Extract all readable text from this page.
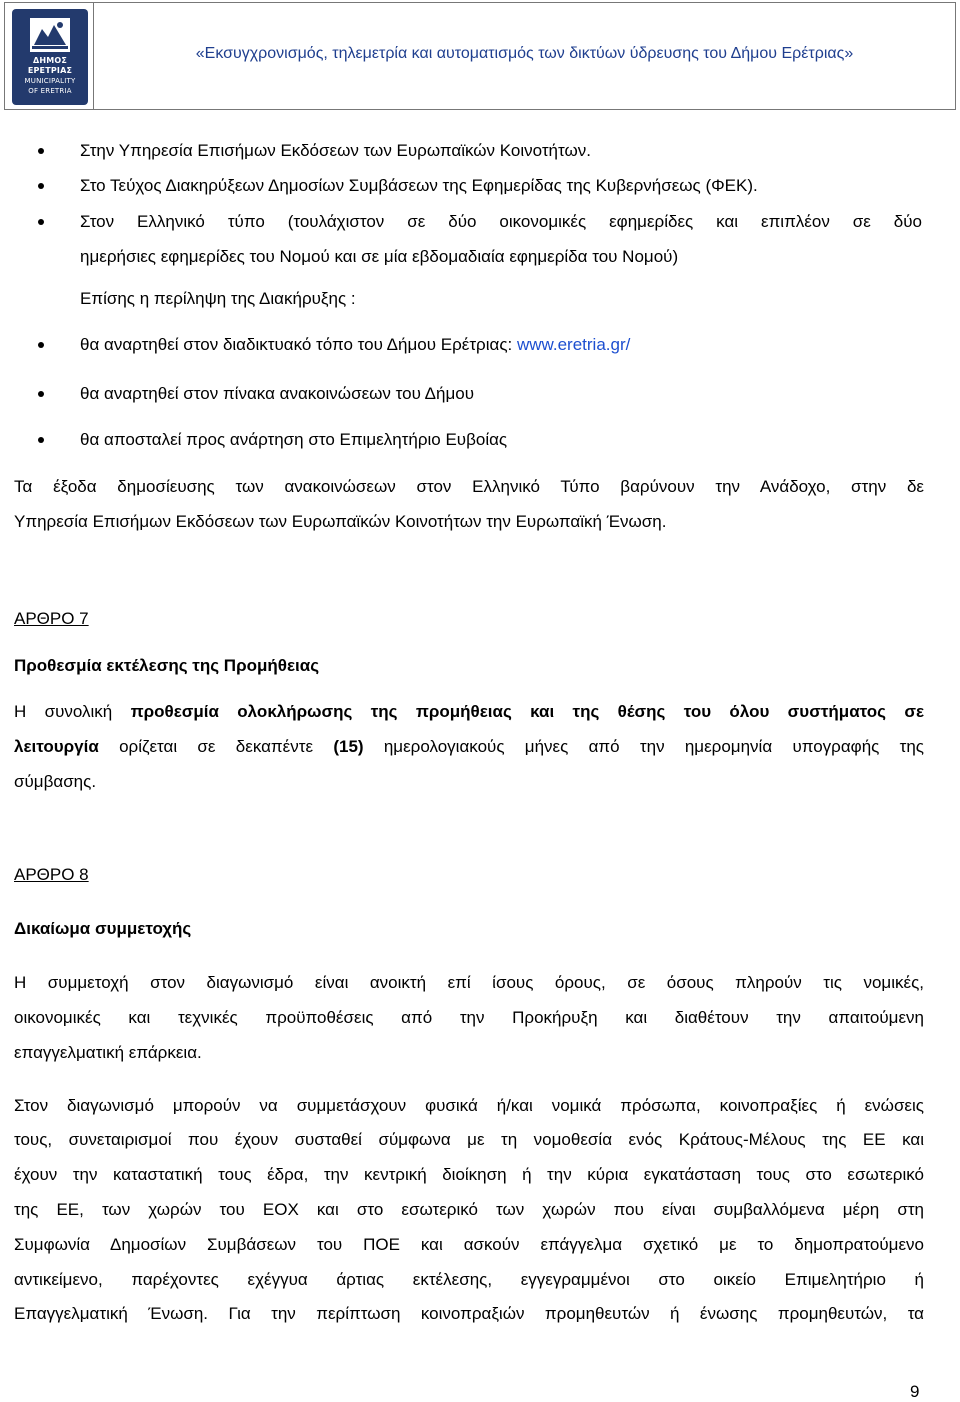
ΔΗΜΟΣ
ΕΡΕΤΡΙΑΣ
MUNICIPALITY
OF ERETRIA
«Εκσυγχρονισμός, τηλεμετρία και αυτοματισμός των δικτύων ύδρευσης του Δήμου Ερέτριας»
Στην Υπηρεσία Επισήμων Εκδόσεων των Ευρωπαϊκών Κοινοτήτων.
Στο Τεύχος Διακηρύξεων Δημοσίων Συμβάσεων της Εφημερίδας της Κυβερνήσεως (ΦΕΚ).
Στον Ελληνικό τύπο (τουλάχιστον σε δύο οικονομικές εφημερίδες και επιπλέον σε δύο
ημερήσιες εφημερίδες του Νομού και σε μία εβδομαδιαία εφημερίδα του Νομού)
Επίσης η περίληψη της Διακήρυξης :
θα αναρτηθεί στον διαδικτυακό τόπο του Δήμου Ερέτριας: www.eretria.gr/
θα αναρτηθεί στον πίνακα ανακοινώσεων του Δήμου
θα αποσταλεί προς ανάρτηση στο Επιμελητήριο Ευβοίας
Τα έξοδα δημοσίευσης των ανακοινώσεων στον Ελληνικό Τύπο βαρύνουν την Ανάδοχο, στην δε
Υπηρεσία Επισήμων Εκδόσεων των Ευρωπαϊκών Κοινοτήτων την Ευρωπαϊκή Ένωση.
ΑΡΘΡΟ 7
Προθεσμία εκτέλεσης της Προμήθειας
Η συνολική προθεσμία ολοκλήρωσης της προμήθειας και της θέσης του όλου συστήματος σε
λειτουργία ορίζεται σε δεκαπέντε (15) ημερολογιακούς μήνες από την ημερομηνία υπογραφής της
σύμβασης.
ΑΡΘΡΟ 8
Δικαίωμα συμμετοχής
Η συμμετοχή στον διαγωνισμό είναι ανοικτή επί ίσους όρους, σε όσους πληρούν τις νομικές,
οικονομικές και τεχνικές προϋποθέσεις από την Προκήρυξη και διαθέτουν την απαιτούμενη
επαγγελματική επάρκεια.
Στον διαγωνισμό μπορούν να συμμετάσχουν φυσικά ή/και νομικά πρόσωπα, κοινοπραξίες ή ενώσεις
τους, συνεταιρισμοί που έχουν συσταθεί σύμφωνα με τη νομοθεσία ενός Κράτους-Μέλους της ΕΕ και
έχουν την καταστατική τους έδρα, την κεντρική διοίκηση ή την κύρια εγκατάσταση τους στο εσωτερικό
της ΕΕ, των χωρών του ΕΟΧ και στο εσωτερικό των χωρών που είναι συμβαλλόμενα μέρη στη
Συμφωνία Δημοσίων Συμβάσεων του ΠΟΕ και ασκούν επάγγελμα σχετικό με το δημοπρατούμενο
αντικείμενο, παρέχοντες εχέγγυα άρτιας εκτέλεσης, εγγεγραμμένοι στο οικείο Επιμελητήριο ή
Επαγγελματική Ένωση. Για την περίπτωση κοινοπραξιών προμηθευτών ή ένωσης προμηθευτών, τα
9
